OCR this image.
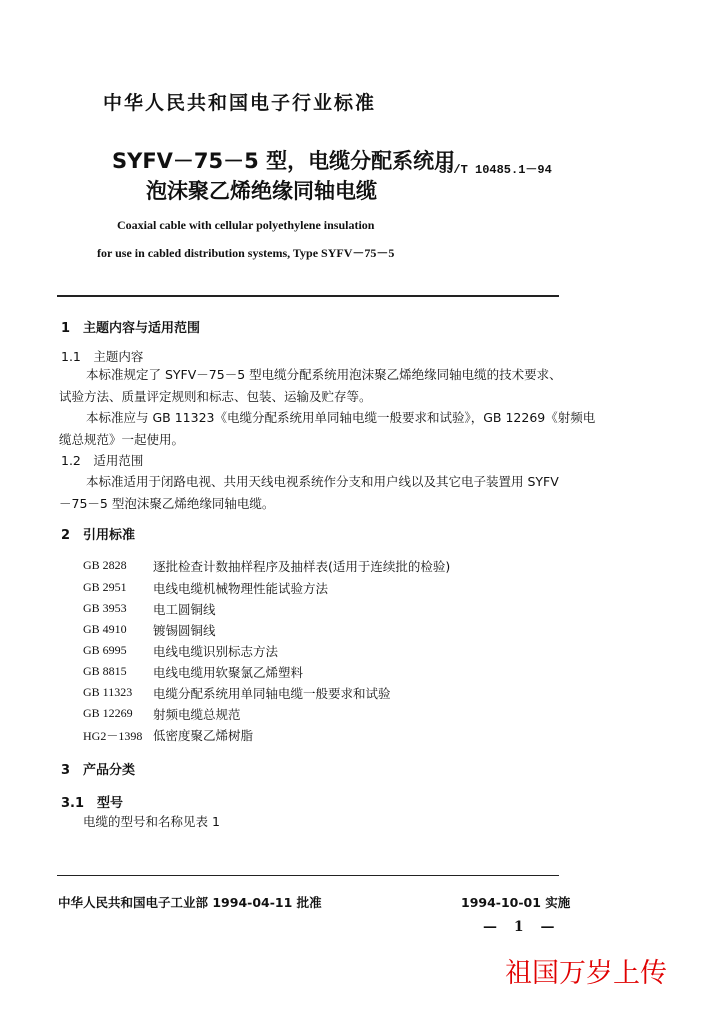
中华人民共和国电子行业标准
SYFV－75－5 型，电缆分配系统用
泡沫聚乙烯绝缘同轴电缆
SJ/T 10485.1－94
Coaxial cable with cellular polyethylene insulation
for use in cabled distribution systems, Type SYFV－75－5
1　主题内容与适用范围
1.1　主题内容
本标准规定了 SYFV－75－5 型电缆分配系统用泡沫聚乙烯绝缘同轴电缆的技术要求、
试验方法、质量评定规则和标志、包装、运输及贮存等。
本标准应与 GB 11323《电缆分配系统用单同轴电缆一般要求和试验》，GB 12269《射频电
缆总规范》一起使用。
1.2　适用范围
本标准适用于闭路电视、共用天线电视系统作分支和用户线以及其它电子装置用 SYFV
－75－5 型泡沫聚乙烯绝缘同轴电缆。
2　引用标准
GB 2828 逐批检查计数抽样程序及抽样表(适用于连续批的检验)
GB 2951 电线电缆机械物理性能试验方法
GB 3953 电工圆铜线
GB 4910 镀锡圆铜线
GB 6995 电线电缆识别标志方法
GB 8815 电线电缆用软聚氯乙烯塑料
GB 11323 电缆分配系统用单同轴电缆一般要求和试验
GB 12269 射频电缆总规范
HG2－1398 低密度聚乙烯树脂
3　产品分类
3.1　型号
电缆的型号和名称见表 1
中华人民共和国电子工业部 1994-04-11 批准	1994-10-01 实施
— 1 —
祖国万岁上传
